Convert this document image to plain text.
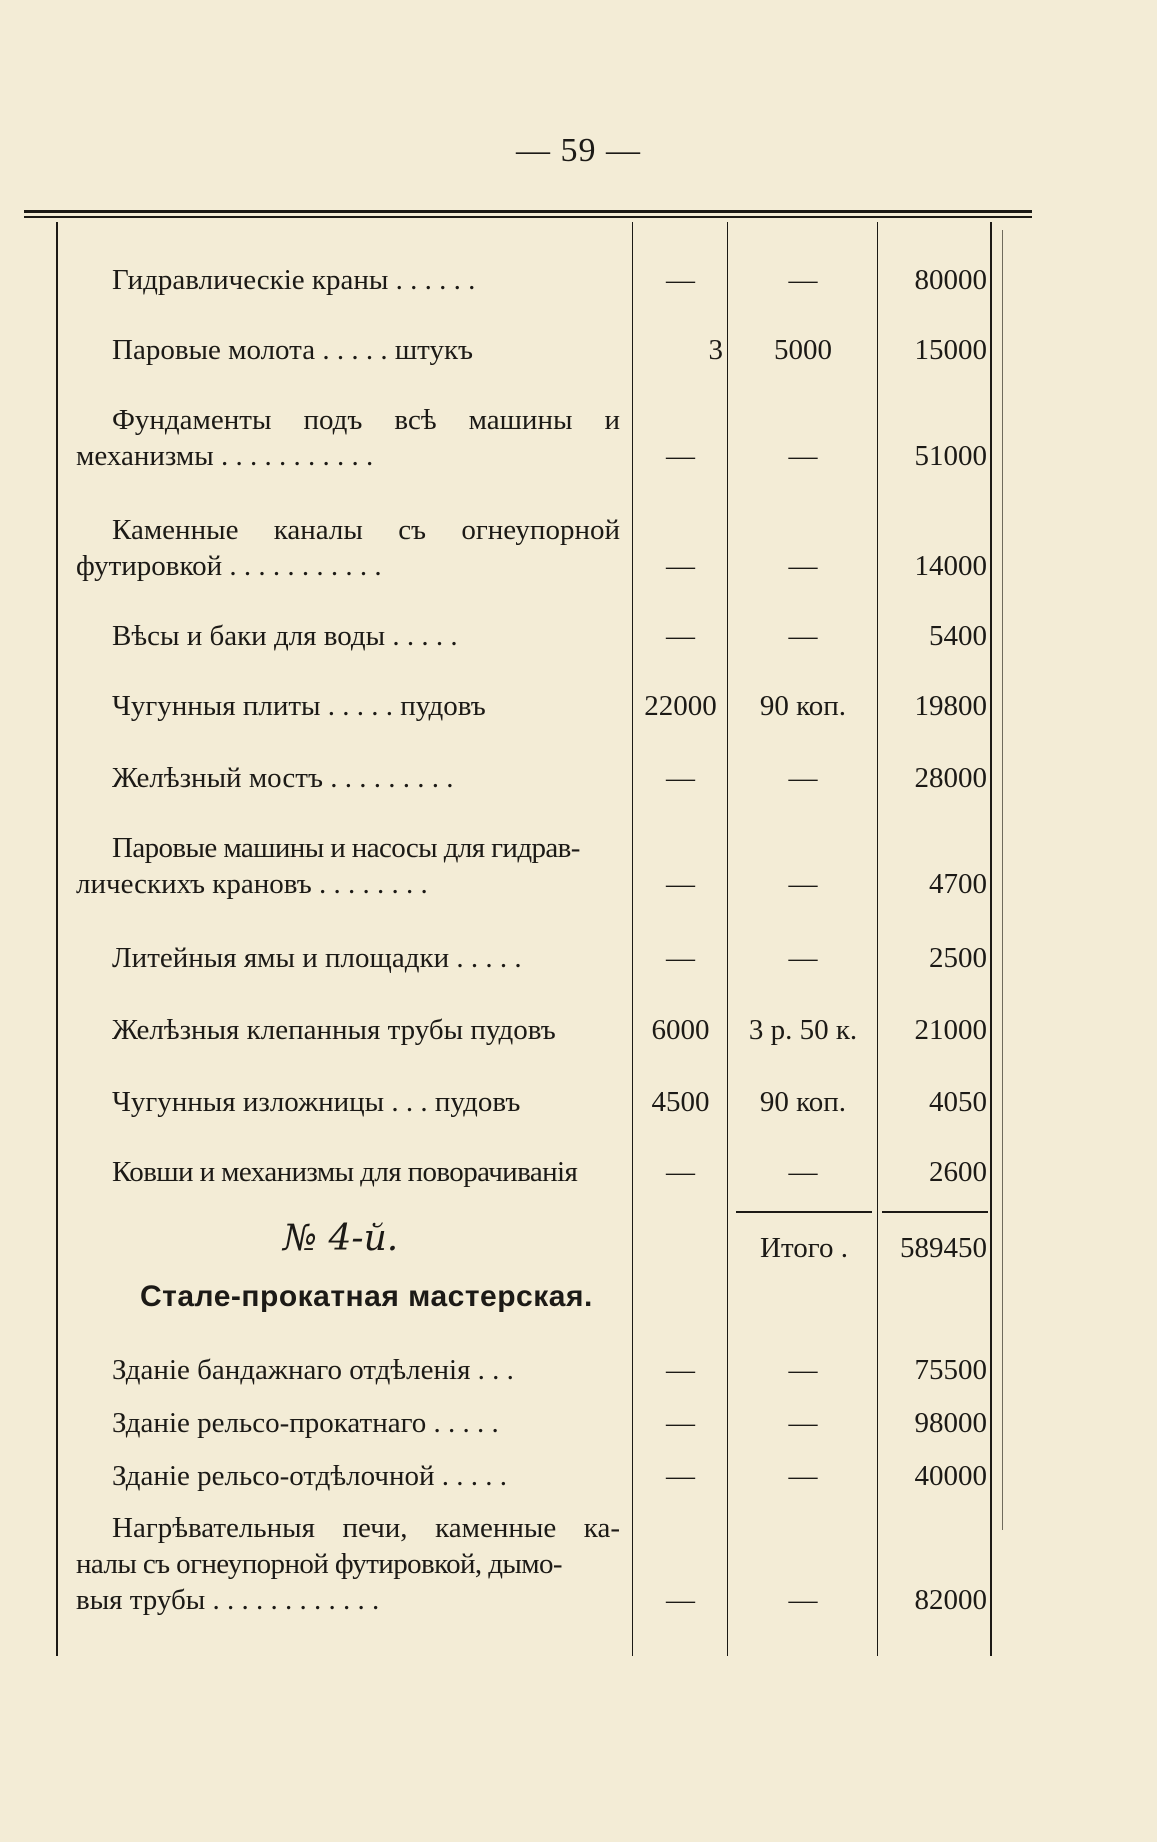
— 59 —
Гидравлическіе краны . . . . . .	—	—	80000
Паровые молота . . . . . штукъ	3	5000	15000
Фундаменты подъ всѣ машины и
механизмы . . . . . . . . . . .	—	—	51000
Каменные каналы съ огнеупорной
футировкой . . . . . . . . . . .	—	—	14000
Вѣсы и баки для воды . . . . .	—	—	5400
Чугунныя плиты . . . . . пудовъ	22000	90 коп.	19800
Желѣзный мостъ . . . . . . . . .	—	—	28000
Паровые машины и насосы для гидрав-
лическихъ крановъ . . . . . . . .	—	—	4700
Литейныя ямы и площадки . . . . .	—	—	2500
Желѣзныя клепанныя трубы пудовъ	6000	3 р. 50 к.	21000
Чугунныя изложницы . . . пудовъ	4500	90 коп.	4050
Ковши и механизмы для поворачиванія	—	—	2600
Итого .	589450
№ 4-й.
Стале-прокатная мастерская.
Зданіе бандажнаго отдѣленія . . .	—	—	75500
Зданіе рельсо-прокатнаго . . . . .	—	—	98000
Зданіе рельсо-отдѣлочной . . . . .	—	—	40000
Нагрѣвательныя печи, каменные ка-
налы съ огнеупорной футировкой, дымо-
выя трубы . . . . . . . . . . . .	—	—	82000
